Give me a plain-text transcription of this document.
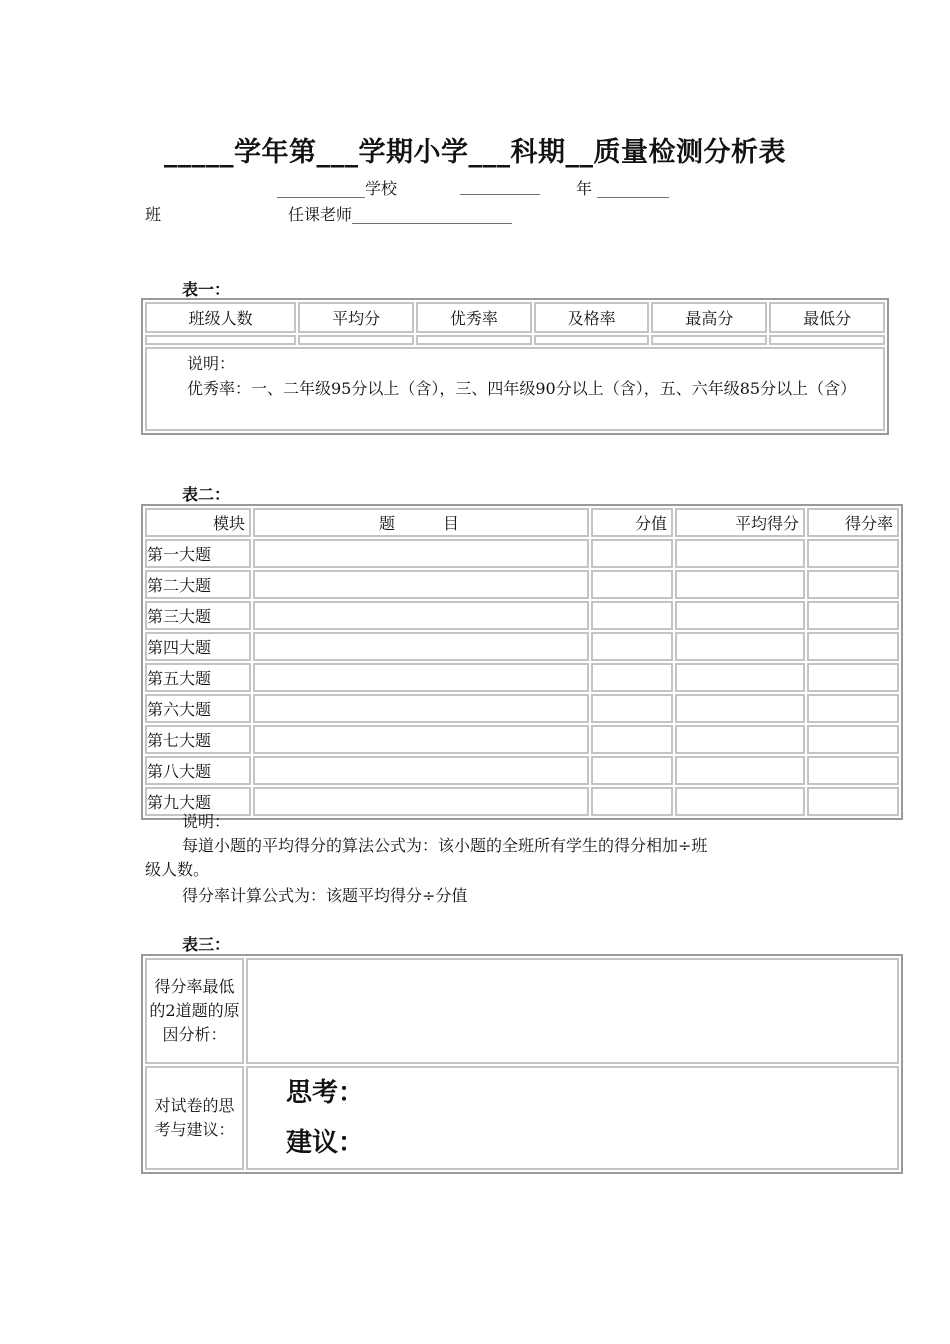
_____学年第___学期小学___科期__质量检测分析表
___________学校	__________ 年 _________
班	任课老师____________________
表一：
班级人数	平均分	优秀率	及格率	最高分	最低分

说明：
优秀率：一、二年级95分以上（含），三、四年级90分以上（含），五、六年级85分以上（含）					
表二：
模块	题　　　目	分值	平均得分	得分率
第一大题				
第二大题				
第三大题				
第四大题				
第五大题				
第六大题				
第七大题				
第八大题				
第九大题				
说明：
每道小题的平均得分的算法公式为：该小题的全班所有学生的得分相加÷班
级人数。
得分率计算公式为：该题平均得分÷分值
表三：
得分率最低的2道题的原因分析：	
对试卷的思考与建议：	思考：
建议：
